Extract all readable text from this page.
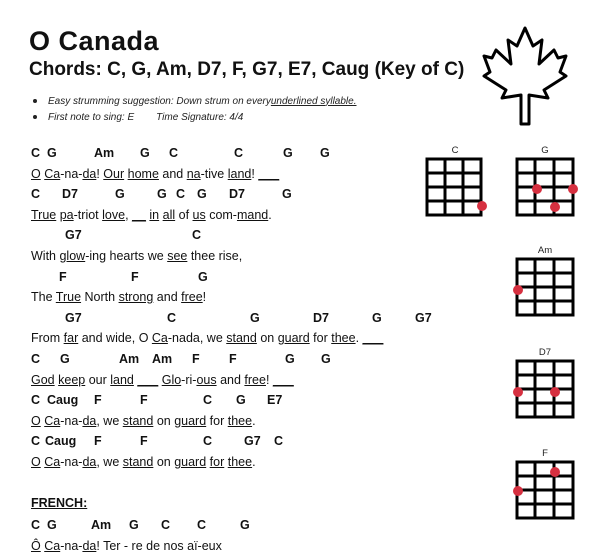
O Canada
Chords: C, G, Am, D7, F, G7, E7, Caug (Key of C)
Easy strumming suggestion: Down strum on every underlined syllable.
First note to sing: E Time Signature: 4/4
C G	Am G C	C	G G
O Ca-na-da! Our home and na-tive land! ___
C D7	G	G C G D7	G
True pa-triot love, __ in all of us com-mand.
G7	C
With glow-ing hearts we see thee rise,
F	F	G
The True North strong and free!
G7	C	G	D7	G	G7
From far and wide, O Ca-nada, we stand on guard for thee. ___
C G	Am Am F F	G G
God keep our land ___ Glo-ri-ous and free! ___
C Caug F	F	C G E7
O Ca-na-da, we stand on guard for thee.
C Caug F	F	C	G7 C
O Ca-na-da, we stand on guard for thee.
FRENCH:
C G	Am G C C	G
Ô Ca-na-da! Ter - re de nos aï-eux
C	G
Am
D7
F
